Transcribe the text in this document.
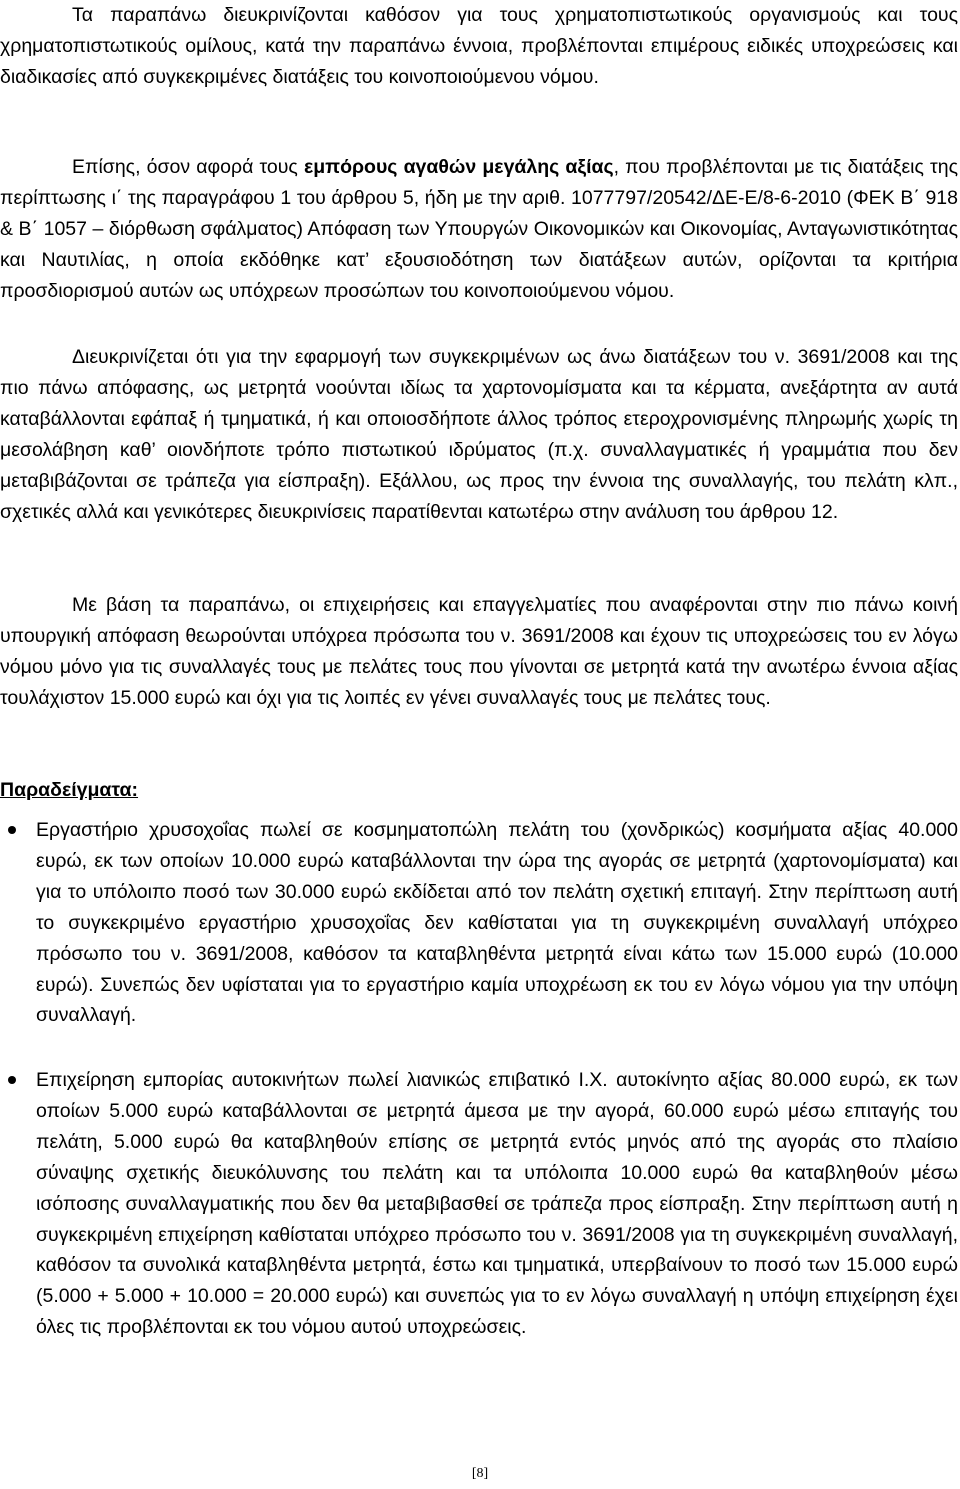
Τα παραπάνω διευκρινίζονται καθόσον για τους χρηματοπιστωτικούς οργανισμούς και τους χρηματοπιστωτικούς ομίλους, κατά την παραπάνω έννοια, προβλέπονται επιμέρους ειδικές υποχρεώσεις και διαδικασίες από συγκεκριμένες διατάξεις του κοινοποιούμενου νόμου.

Επίσης, όσον αφορά τους εμπόρους αγαθών μεγάλης αξίας, που προβλέπονται με τις διατάξεις της περίπτωσης ι΄ της παραγράφου 1 του άρθρου 5, ήδη με την αριθ. 1077797/20542/ΔΕ-Ε/8-6-2010 (ΦΕΚ Β΄ 918 & Β΄ 1057 – διόρθωση σφάλματος) Απόφαση των Υπουργών Οικονομικών και Οικονομίας, Ανταγωνιστικότητας και Ναυτιλίας, η οποία εκδόθηκε κατ’ εξουσιοδότηση των διατάξεων αυτών, ορίζονται τα κριτήρια προσδιορισμού αυτών ως υπόχρεων προσώπων του κοινοποιούμενου νόμου.

Διευκρινίζεται ότι για την εφαρμογή των συγκεκριμένων ως άνω διατάξεων του ν. 3691/2008 και της πιο πάνω απόφασης, ως μετρητά νοούνται ιδίως τα χαρτονομίσματα και τα κέρματα, ανεξάρτητα αν αυτά καταβάλλονται εφάπαξ ή τμηματικά, ή και οποιοσδήποτε άλλος τρόπος ετεροχρονισμένης πληρωμής χωρίς τη μεσολάβηση καθ’ οιονδήποτε τρόπο πιστωτικού ιδρύματος (π.χ. συναλλαγματικές ή γραμμάτια που δεν μεταβιβάζονται σε τράπεζα για είσπραξη). Εξάλλου, ως προς την έννοια της συναλλαγής, του πελάτη κλπ., σχετικές αλλά και γενικότερες διευκρινίσεις παρατίθενται κατωτέρω στην ανάλυση του άρθρου 12.

Με βάση τα παραπάνω, οι επιχειρήσεις και επαγγελματίες που αναφέρονται στην πιο πάνω κοινή υπουργική απόφαση θεωρούνται υπόχρεα πρόσωπα του ν. 3691/2008 και έχουν τις υποχρεώσεις του εν λόγω νόμου μόνο για τις συναλλαγές τους με πελάτες τους που γίνονται σε μετρητά κατά την ανωτέρω έννοια αξίας τουλάχιστον 15.000 ευρώ και όχι για τις λοιπές εν γένει συναλλαγές τους με πελάτες τους.

Παραδείγματα:

Εργαστήριο χρυσοχοΐας πωλεί σε κοσμηματοπώλη πελάτη του (χονδρικώς) κοσμήματα αξίας 40.000 ευρώ, εκ των οποίων 10.000 ευρώ καταβάλλονται την ώρα της αγοράς σε μετρητά (χαρτονομίσματα) και για το υπόλοιπο ποσό των 30.000 ευρώ εκδίδεται από τον πελάτη σχετική επιταγή. Στην περίπτωση αυτή το συγκεκριμένο εργαστήριο χρυσοχοΐας δεν καθίσταται για τη συγκεκριμένη συναλλαγή υπόχρεο πρόσωπο του ν. 3691/2008, καθόσον τα καταβληθέντα μετρητά είναι κάτω των 15.000 ευρώ (10.000 ευρώ). Συνεπώς δεν υφίσταται για το εργαστήριο καμία υποχρέωση εκ του εν λόγω νόμου για την υπόψη συναλλαγή.

Επιχείρηση εμπορίας αυτοκινήτων πωλεί λιανικώς επιβατικό Ι.Χ. αυτοκίνητο αξίας 80.000 ευρώ, εκ των οποίων 5.000 ευρώ καταβάλλονται σε μετρητά άμεσα με την αγορά, 60.000 ευρώ μέσω επιταγής του πελάτη, 5.000 ευρώ θα καταβληθούν επίσης σε μετρητά εντός μηνός από της αγοράς στο πλαίσιο σύναψης σχετικής διευκόλυνσης του πελάτη και τα υπόλοιπα 10.000 ευρώ θα καταβληθούν μέσω ισόποσης συναλλαγματικής που δεν θα μεταβιβασθεί σε τράπεζα προς είσπραξη. Στην περίπτωση αυτή η συγκεκριμένη επιχείρηση καθίσταται υπόχρεο πρόσωπο του ν. 3691/2008 για τη συγκεκριμένη συναλλαγή, καθόσον τα συνολικά καταβληθέντα μετρητά, έστω και τμηματικά, υπερβαίνουν το ποσό των 15.000 ευρώ (5.000 + 5.000 + 10.000 = 20.000 ευρώ) και συνεπώς για το εν λόγω συναλλαγή η υπόψη επιχείρηση έχει όλες τις προβλέπονται εκ του νόμου αυτού υποχρεώσεις.

[8]
